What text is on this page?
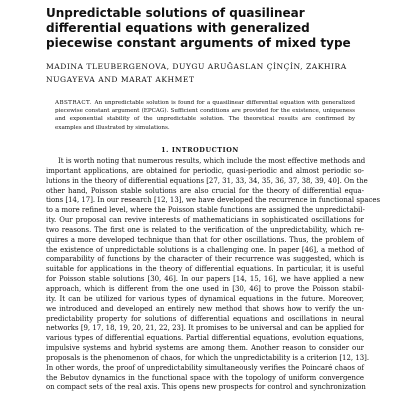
Unpredictable solutions of quasilinear differential equations with generalized piecewise constant arguments of mixed type

MADINA TLEUBERGENOVA, DUYGU ARUĞASLAN ÇİNÇİN, ZAKHIRA NUGAYEVA AND MARAT AKHMET

ABSTRACT. An unpredictable solution is found for a quasilinear differential equation with generalized piecewise constant argument (EPCAG). Sufficient conditions are provided for the existence, uniqueness and exponential stability of the unpredictable solution. The theoretical results are confirmed by examples and illustrated by simulations.

1. INTRODUCTION
It is worth noting that numerous results, which include the most effective methods and
important applications, are obtained for periodic, quasi-periodic and almost periodic so-
lutions in the theory of differential equations [27, 31, 33, 34, 35, 36, 37, 38, 39, 40]. On the
other hand, Poisson stable solutions are also crucial for the theory of differential equa-
tions [14, 17]. In our research [12, 13], we have developed the recurrence in functional spaces
to a more refined level, where the Poisson stable functions are assigned the unpredictabil-
ity. Our proposal can revive interests of mathematicians in sophisticated oscillations for
two reasons. The first one is related to the verification of the unpredictability, which re-
quires a more developed technique than that for other oscillations. Thus, the problem of
the existence of unpredictable solutions is a challenging one. In paper [46], a method of
comparability of functions by the character of their recurrence was suggested, which is
suitable for applications in the theory of differential equations. In particular, it is useful
for Poisson stable solutions [30, 46]. In our papers [14, 15, 16], we have applied a new
approach, which is different from the one used in [30, 46] to prove the Poisson stabil-
ity. It can be utilized for various types of dynamical equations in the future. Moreover,
we introduced and developed an entirely new method that shows how to verify the un-
predictability property for solutions of differential equations and oscillations in neural
networks [9, 17, 18, 19, 20, 21, 22, 23]. It promises to be universal and can be applied for
various types of differential equations. Partial differential equations, evolution equations,
impulsive systems and hybrid systems are among them. Another reason to consider our
proposals is the phenomenon of chaos, for which the unpredictability is a criterion [12, 13].
In other words, the proof of unpredictability simultaneously verifies the Poincaré chaos of
the Bebutov dynamics in the functional space with the topology of uniform convergence
on compact sets of the real axis. This opens new prospects for control and synchronization
